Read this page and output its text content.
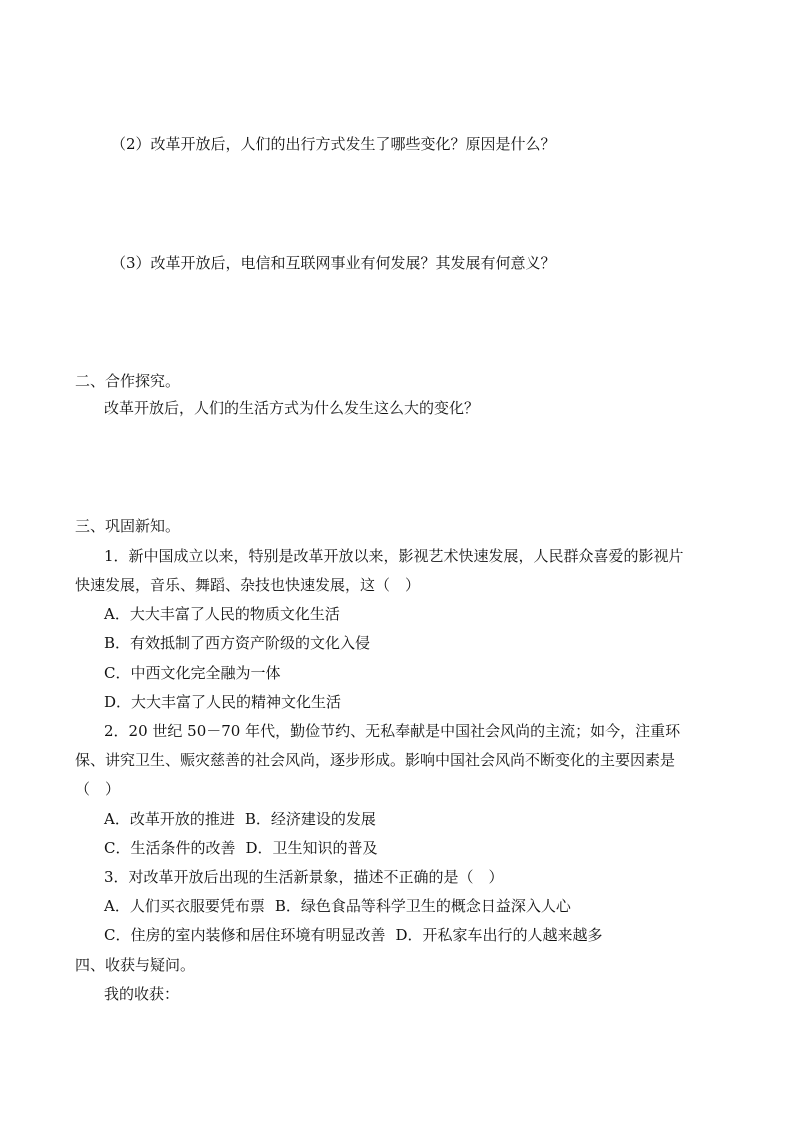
（2）改革开放后，人们的出行方式发生了哪些变化？原因是什么？
（3）改革开放后，电信和互联网事业有何发展？其发展有何意义？
二、合作探究。
改革开放后，人们的生活方式为什么发生这么大的变化？
三、巩固新知。
1．新中国成立以来，特别是改革开放以来，影视艺术快速发展，人民群众喜爱的影视片
快速发展，音乐、舞蹈、杂技也快速发展，这（　）
A．大大丰富了人民的物质文化生活
B．有效抵制了西方资产阶级的文化入侵
C．中西文化完全融为一体
D．大大丰富了人民的精神文化生活
2．20 世纪 50－70 年代，勤俭节约、无私奉献是中国社会风尚的主流；如今，注重环
保、讲究卫生、赈灾慈善的社会风尚，逐步形成。影响中国社会风尚不断变化的主要因素是
（　）
A．改革开放的推进 B．经济建设的发展
C．生活条件的改善 D．卫生知识的普及
3．对改革开放后出现的生活新景象，描述不正确的是（　）
A．人们买衣服要凭布票 B．绿色食品等科学卫生的概念日益深入人心
C．住房的室内装修和居住环境有明显改善 D．开私家车出行的人越来越多
四、收获与疑问。
我的收获：
